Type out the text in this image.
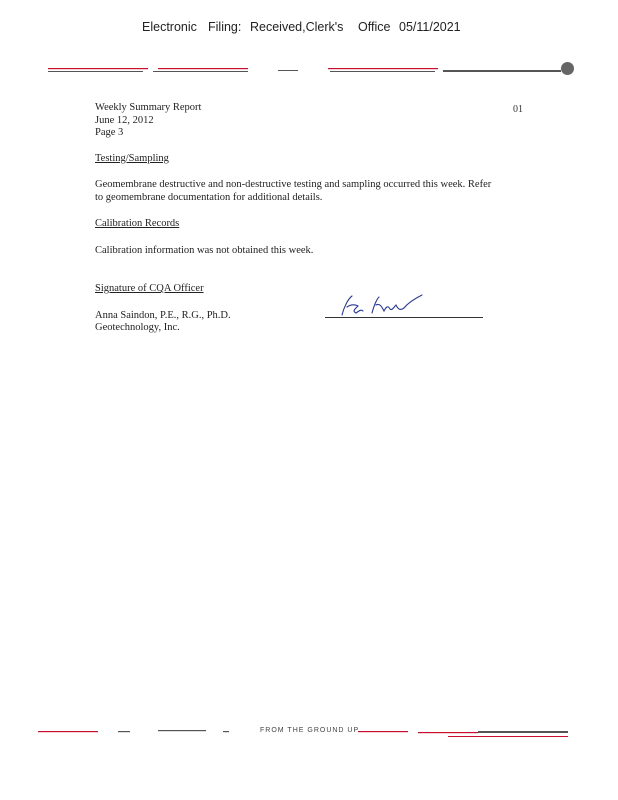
Electronic Filing: Received,Clerk's Office 05/11/2021

Weekly Summary Report

June 12, 2012

Page 3

Testing/Sampling

Geomembrane destructive and non-destructive testing and sampling occurred this week. Refer

to geomembrane documentation for additional details.

Calibration Records

Calibration information was not obtained this week.

Signature of CQA Officer

Anna Saindon, P.E., R.G., Ph.D.

Geotechnology, Inc.

01
FROM THE GROUND UP
